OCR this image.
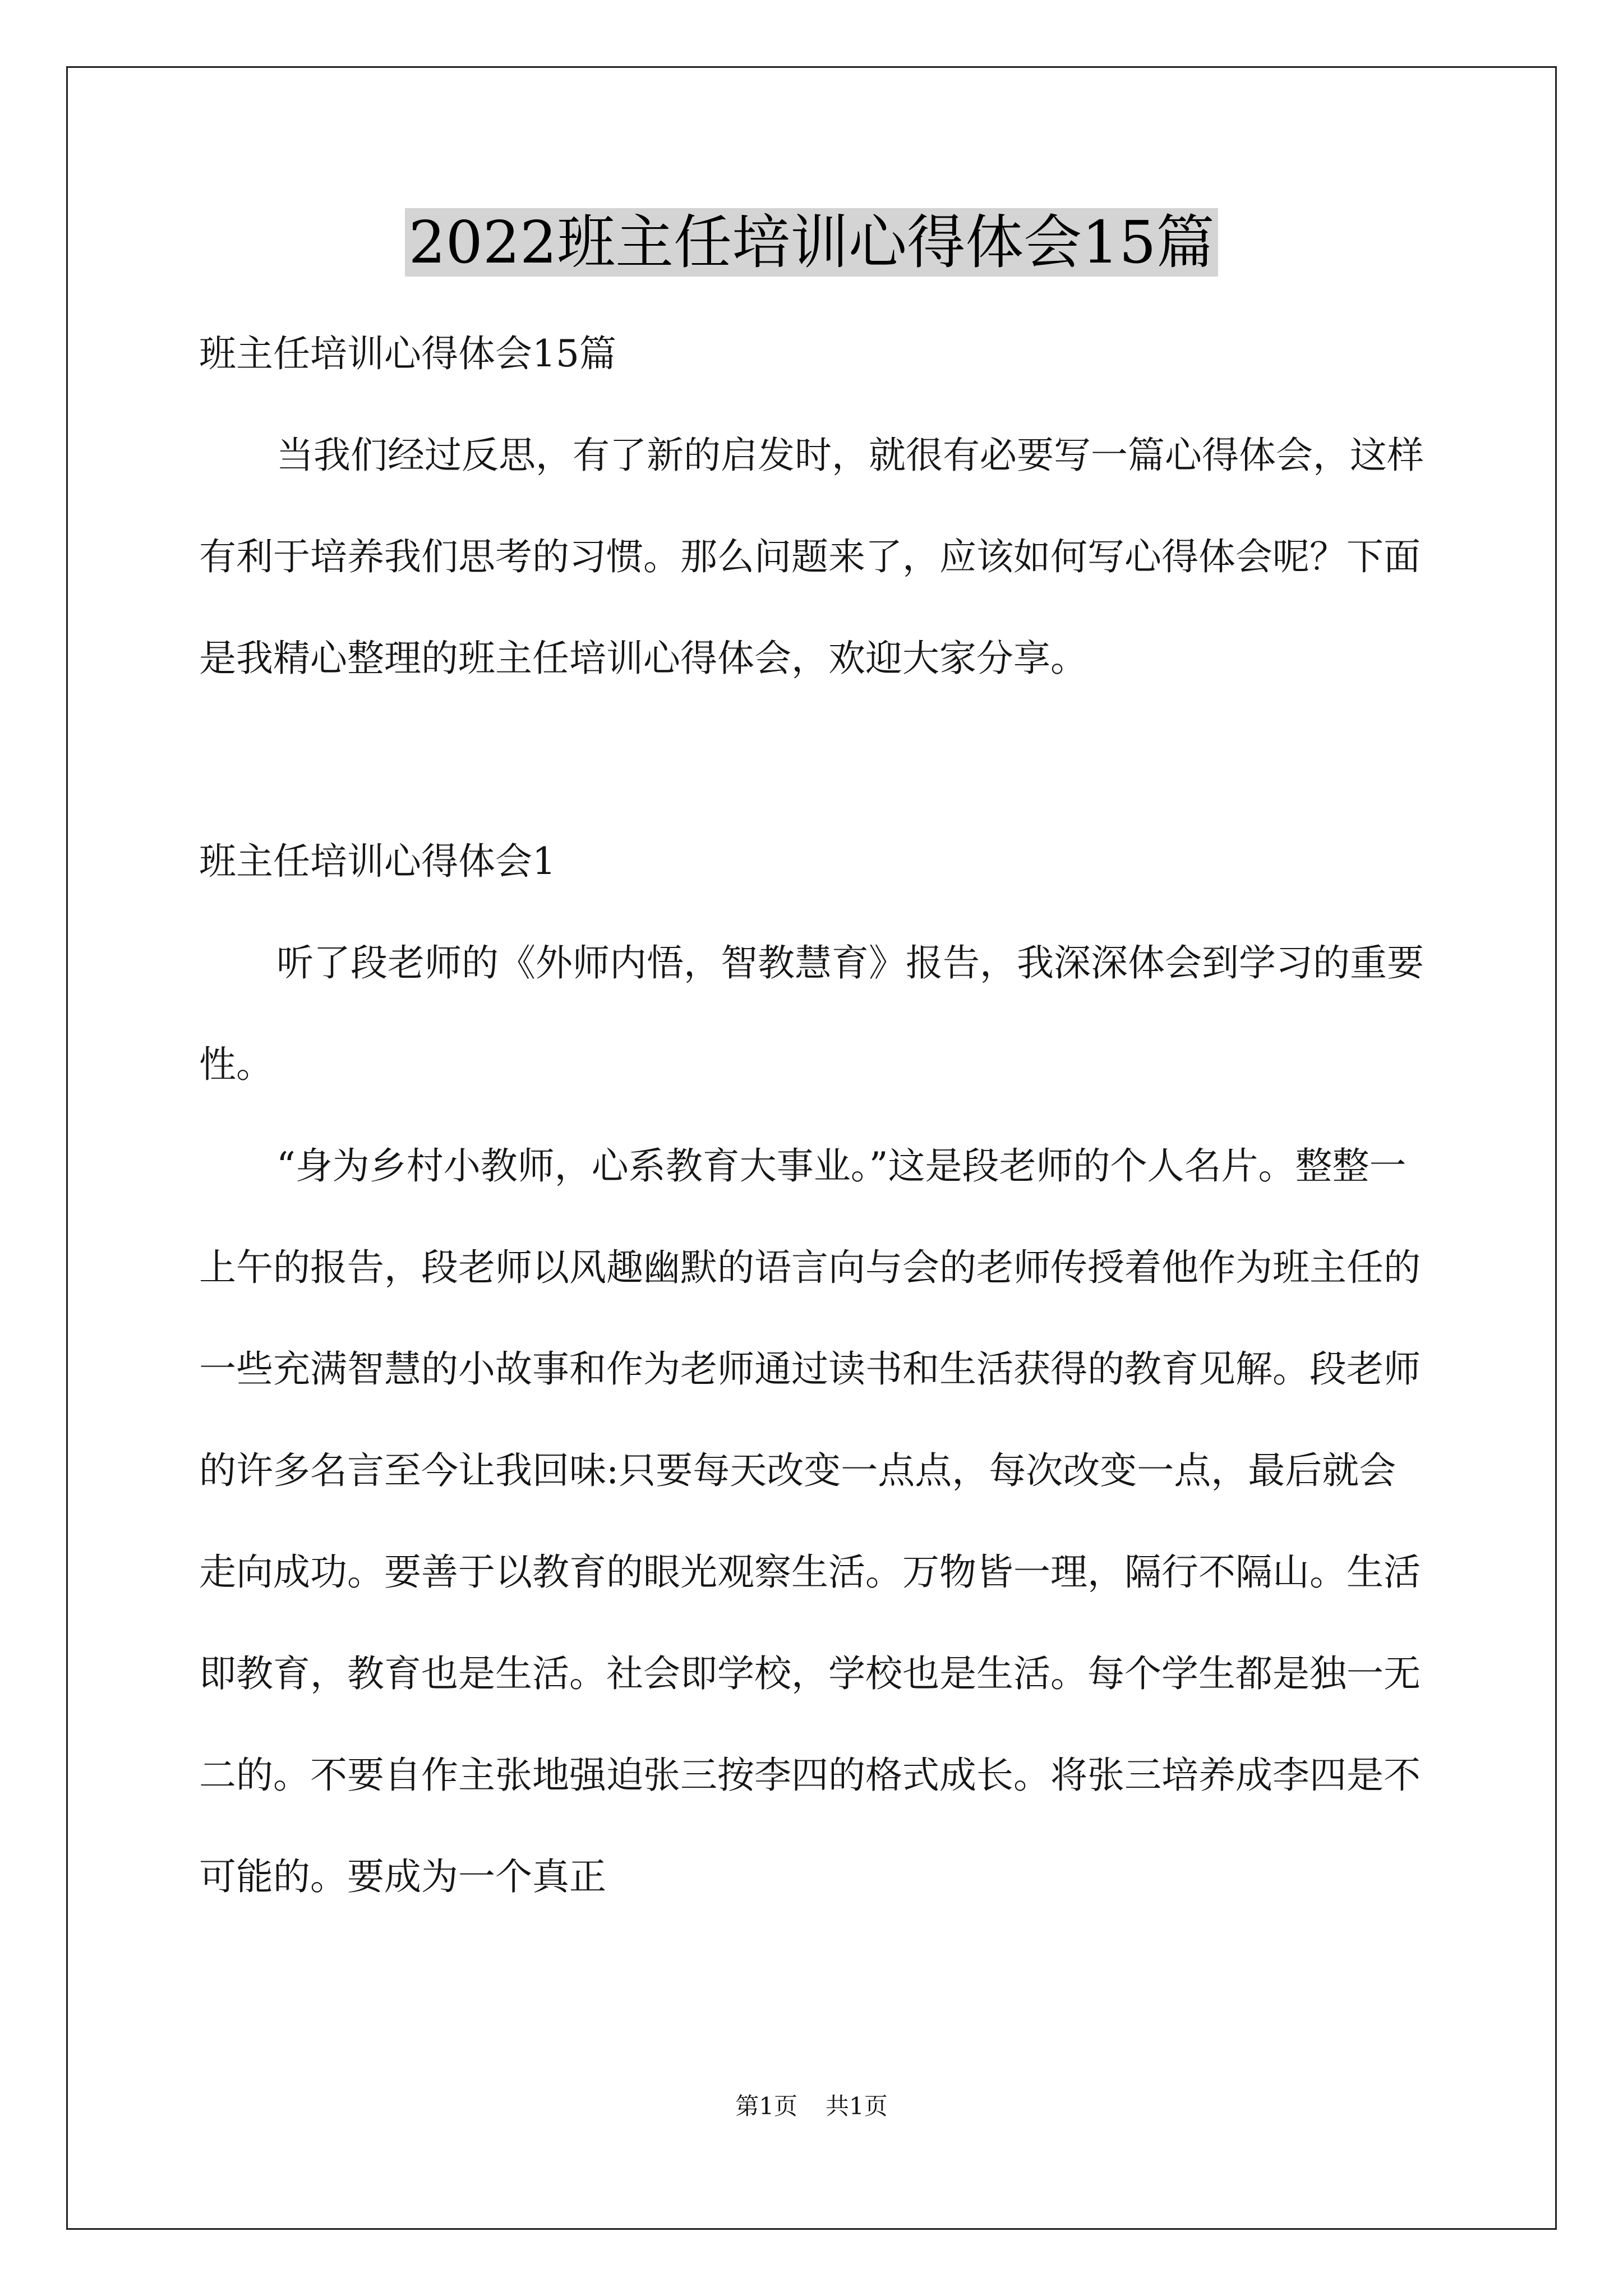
2022班主任培训心得体会15篇

班主任培训心得体会15篇

当我们经过反思，有了新的启发时，就很有必要写一篇心得体会，这样有利于培养我们思考的习惯。那么问题来了，应该如何写心得体会呢？下面是我精心整理的班主任培训心得体会，欢迎大家分享。

班主任培训心得体会1

听了段老师的《外师内悟，智教慧育》报告，我深深体会到学习的重要性。

“身为乡村小教师，心系教育大事业。”这是段老师的个人名片。整整一上午的报告，段老师以风趣幽默的语言向与会的老师传授着他作为班主任的一些充满智慧的小故事和作为老师通过读书和生活获得的教育见解。段老师的许多名言至今让我回味:只要每天改变一点点，每次改变一点，最后就会走向成功。要善于以教育的眼光观察生活。万物皆一理，隔行不隔山。生活即教育，教育也是生活。社会即学校，学校也是生活。每个学生都是独一无二的。不要自作主张地强迫张三按李四的格式成长。将张三培养成李四是不可能的。要成为一个真正

第1页 共1页
